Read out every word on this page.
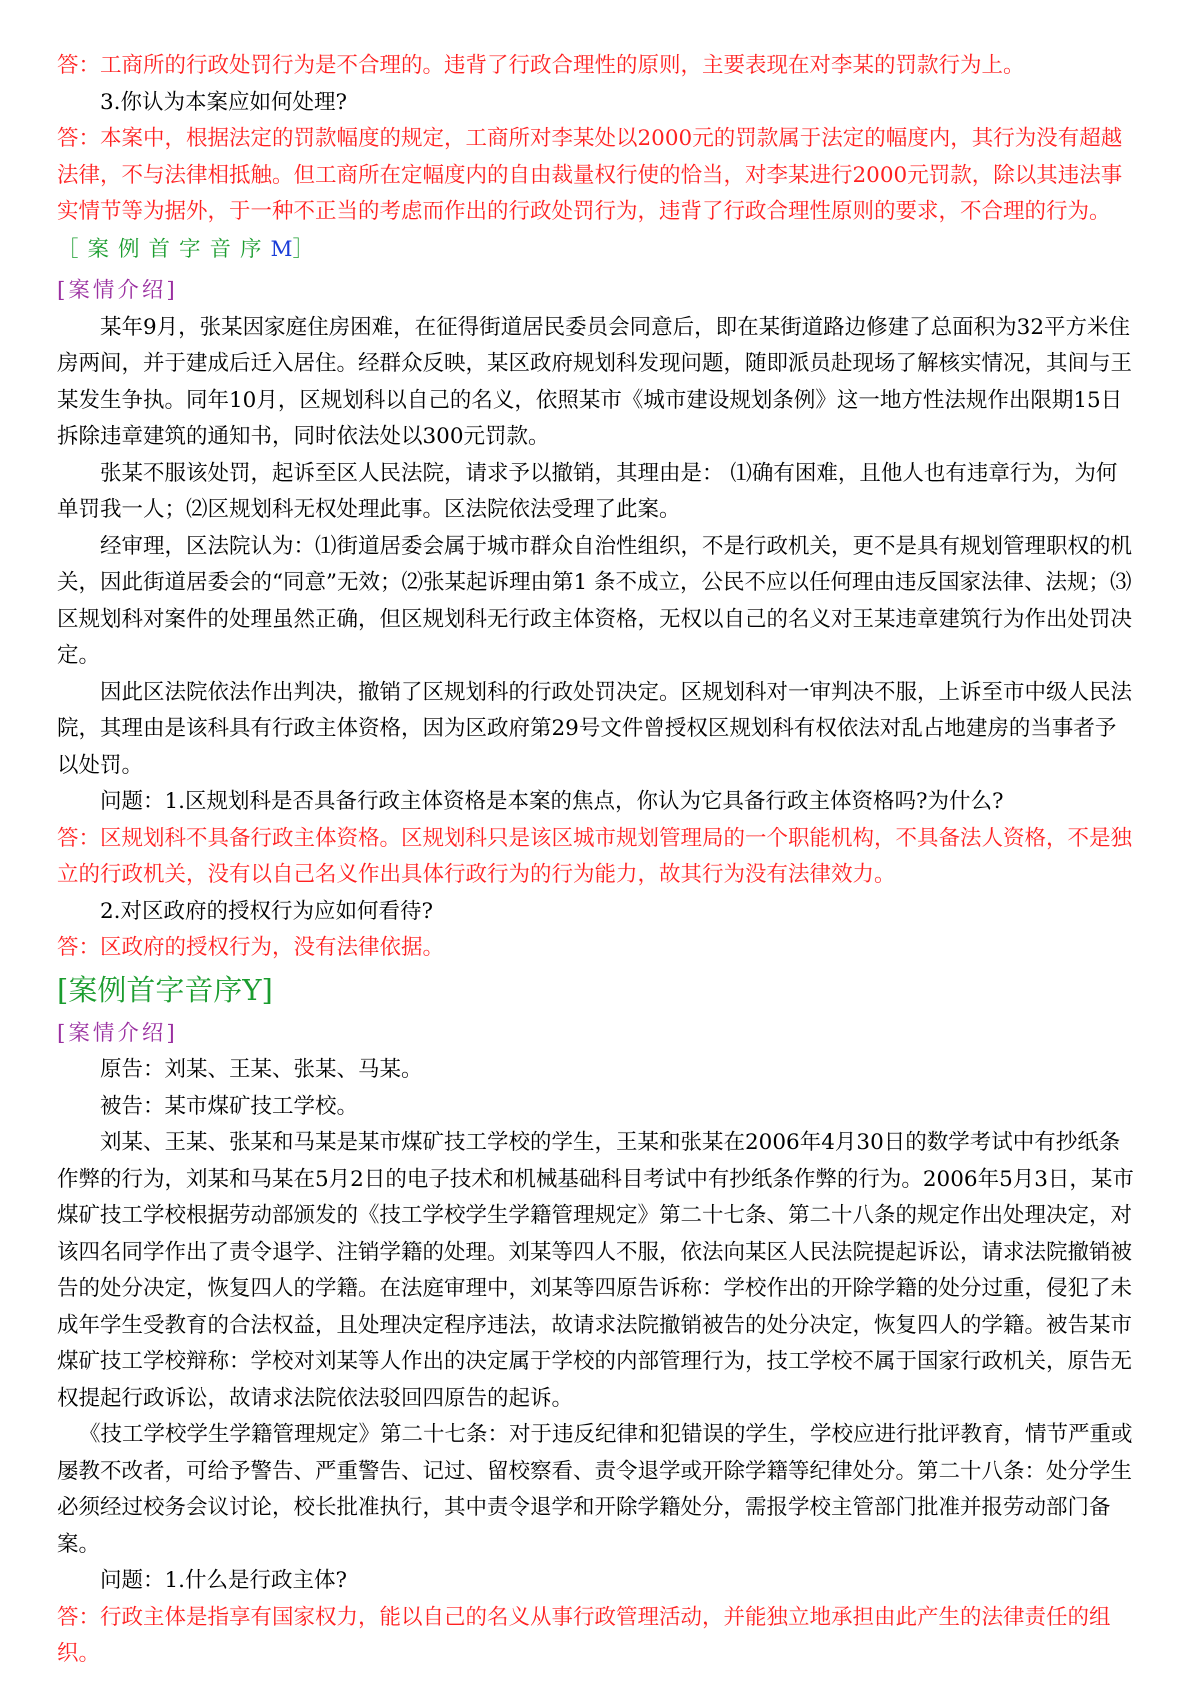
答：工商所的行政处罚行为是不合理的。违背了行政合理性的原则，主要表现在对李某的罚款行为上。

3.你认为本案应如何处理?

答：本案中，根据法定的罚款幅度的规定，工商所对李某处以2000元的罚款属于法定的幅度内，其行为没有超越法律，不与法律相抵触。但工商所在定幅度内的自由裁量权行使的恰当，对李某进行2000元罚款，除以其违法事实情节等为据外，于一种不正当的考虑而作出的行政处罚行为，违背了行政合理性原则的要求，不合理的行为。

［案例首字音序M］

[案情介绍]

某年9月，张某因家庭住房困难，在征得街道居民委员会同意后，即在某街道路边修建了总面积为32平方米住房两间，并于建成后迁入居住。经群众反映，某区政府规划科发现问题，随即派员赴现场了解核实情况，其间与王某发生争执。同年10月，区规划科以自己的名义，依照某市《城市建设规划条例》这一地方性法规作出限期15日拆除违章建筑的通知书，同时依法处以300元罚款。

张某不服该处罚，起诉至区人民法院，请求予以撤销，其理由是： ⑴确有困难，且他人也有违章行为，为何单罚我一人；⑵区规划科无权处理此事。区法院依法受理了此案。

经审理，区法院认为：⑴街道居委会属于城市群众自治性组织，不是行政机关，更不是具有规划管理职权的机关，因此街道居委会的“同意”无效；⑵张某起诉理由第1 条不成立，公民不应以任何理由违反国家法律、法规；⑶区规划科对案件的处理虽然正确，但区规划科无行政主体资格，无权以自己的名义对王某违章建筑行为作出处罚决定。

因此区法院依法作出判决，撤销了区规划科的行政处罚决定。区规划科对一审判决不服，上诉至市中级人民法院，其理由是该科具有行政主体资格，因为区政府第29号文件曾授权区规划科有权依法对乱占地建房的当事者予以处罚。

问题：1.区规划科是否具备行政主体资格是本案的焦点，你认为它具备行政主体资格吗?为什么?

答：区规划科不具备行政主体资格。区规划科只是该区城市规划管理局的一个职能机构，不具备法人资格，不是独立的行政机关，没有以自己名义作出具体行政行为的行为能力，故其行为没有法律效力。

2.对区政府的授权行为应如何看待?

答：区政府的授权行为，没有法律依据。

[案例首字音序Y]

[案情介绍]

原告：刘某、王某、张某、马某。

被告：某市煤矿技工学校。

刘某、王某、张某和马某是某市煤矿技工学校的学生，王某和张某在2006年4月30日的数学考试中有抄纸条作弊的行为，刘某和马某在5月2日的电子技术和机械基础科目考试中有抄纸条作弊的行为。2006年5月3日，某市煤矿技工学校根据劳动部颁发的《技工学校学生学籍管理规定》第二十七条、第二十八条的规定作出处理决定，对该四名同学作出了责令退学、注销学籍的处理。刘某等四人不服，依法向某区人民法院提起诉讼，请求法院撤销被告的处分决定，恢复四人的学籍。在法庭审理中，刘某等四原告诉称：学校作出的开除学籍的处分过重，侵犯了未成年学生受教育的合法权益，且处理决定程序违法，故请求法院撤销被告的处分决定，恢复四人的学籍。被告某市煤矿技工学校辩称：学校对刘某等人作出的决定属于学校的内部管理行为，技工学校不属于国家行政机关，原告无权提起行政诉讼，故请求法院依法驳回四原告的起诉。

《技工学校学生学籍管理规定》第二十七条：对于违反纪律和犯错误的学生，学校应进行批评教育，情节严重或屡教不改者，可给予警告、严重警告、记过、留校察看、责令退学或开除学籍等纪律处分。第二十八条：处分学生必须经过校务会议讨论，校长批准执行，其中责令退学和开除学籍处分，需报学校主管部门批准并报劳动部门备案。

问题：1.什么是行政主体?

答：行政主体是指享有国家权力，能以自己的名义从事行政管理活动，并能独立地承担由此产生的法律责任的组织。
